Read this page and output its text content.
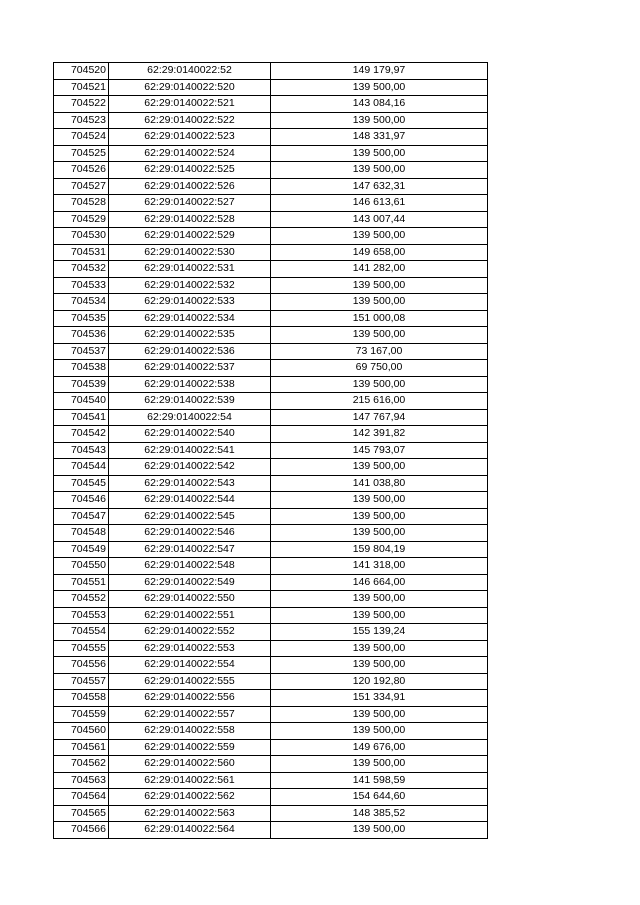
704520	62:29:0140022:52	149 179,97
704521	62:29:0140022:520	139 500,00
704522	62:29:0140022:521	143 084,16
704523	62:29:0140022:522	139 500,00
704524	62:29:0140022:523	148 331,97
704525	62:29:0140022:524	139 500,00
704526	62:29:0140022:525	139 500,00
704527	62:29:0140022:526	147 632,31
704528	62:29:0140022:527	146 613,61
704529	62:29:0140022:528	143 007,44
704530	62:29:0140022:529	139 500,00
704531	62:29:0140022:530	149 658,00
704532	62:29:0140022:531	141 282,00
704533	62:29:0140022:532	139 500,00
704534	62:29:0140022:533	139 500,00
704535	62:29:0140022:534	151 000,08
704536	62:29:0140022:535	139 500,00
704537	62:29:0140022:536	73 167,00
704538	62:29:0140022:537	69 750,00
704539	62:29:0140022:538	139 500,00
704540	62:29:0140022:539	215 616,00
704541	62:29:0140022:54	147 767,94
704542	62:29:0140022:540	142 391,82
704543	62:29:0140022:541	145 793,07
704544	62:29:0140022:542	139 500,00
704545	62:29:0140022:543	141 038,80
704546	62:29:0140022:544	139 500,00
704547	62:29:0140022:545	139 500,00
704548	62:29:0140022:546	139 500,00
704549	62:29:0140022:547	159 804,19
704550	62:29:0140022:548	141 318,00
704551	62:29:0140022:549	146 664,00
704552	62:29:0140022:550	139 500,00
704553	62:29:0140022:551	139 500,00
704554	62:29:0140022:552	155 139,24
704555	62:29:0140022:553	139 500,00
704556	62:29:0140022:554	139 500,00
704557	62:29:0140022:555	120 192,80
704558	62:29:0140022:556	151 334,91
704559	62:29:0140022:557	139 500,00
704560	62:29:0140022:558	139 500,00
704561	62:29:0140022:559	149 676,00
704562	62:29:0140022:560	139 500,00
704563	62:29:0140022:561	141 598,59
704564	62:29:0140022:562	154 644,60
704565	62:29:0140022:563	148 385,52
704566	62:29:0140022:564	139 500,00
